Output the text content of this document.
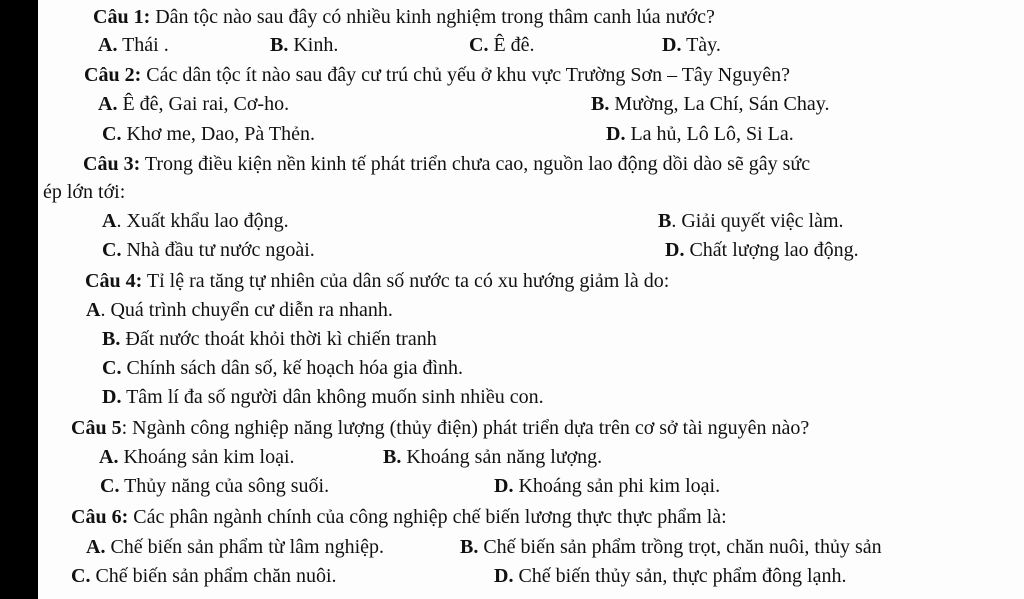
Câu 1: Dân tộc nào sau đây có nhiều kinh nghiệm trong thâm canh lúa nước?
A. Thái .	B. Kinh.	C. Ê đê.	D. Tày.
Câu 2: Các dân tộc ít nào sau đây cư trú chủ yếu ở khu vực Trường Sơn – Tây Nguyên?
A. Ê đê, Gai rai, Cơ-ho.	B. Mường, La Chí, Sán Chay.
C. Khơ me, Dao, Pà Thẻn.	D. La hủ, Lô Lô, Si La.
Câu 3: Trong điều kiện nền kinh tế phát triển chưa cao, nguồn lao động dồi dào sẽ gây sức
ép lớn tới:
A. Xuất khẩu lao động.	B. Giải quyết việc làm.
C. Nhà đầu tư nước ngoài.	D. Chất lượng lao động.
Câu 4: Tỉ lệ ra tăng tự nhiên của dân số nước ta có xu hướng giảm là do:
A. Quá trình chuyển cư diễn ra nhanh.
B. Đất nước thoát khỏi thời kì chiến tranh
C. Chính sách dân số, kế hoạch hóa gia đình.
D. Tâm lí đa số người dân không muốn sinh nhiều con.
Câu 5: Ngành công nghiệp năng lượng (thủy điện) phát triển dựa trên cơ sở tài nguyên nào?
A. Khoáng sản kim loại.	B. Khoáng sản năng lượng.
C. Thủy năng của sông suối.	D. Khoáng sản phi kim loại.
Câu 6: Các phân ngành chính của công nghiệp chế biến lương thực thực phẩm là:
A. Chế biến sản phẩm từ lâm nghiệp.	B. Chế biến sản phẩm trồng trọt, chăn nuôi, thủy sản
C. Chế biến sản phẩm chăn nuôi.	D. Chế biến thủy sản, thực phẩm đông lạnh.
